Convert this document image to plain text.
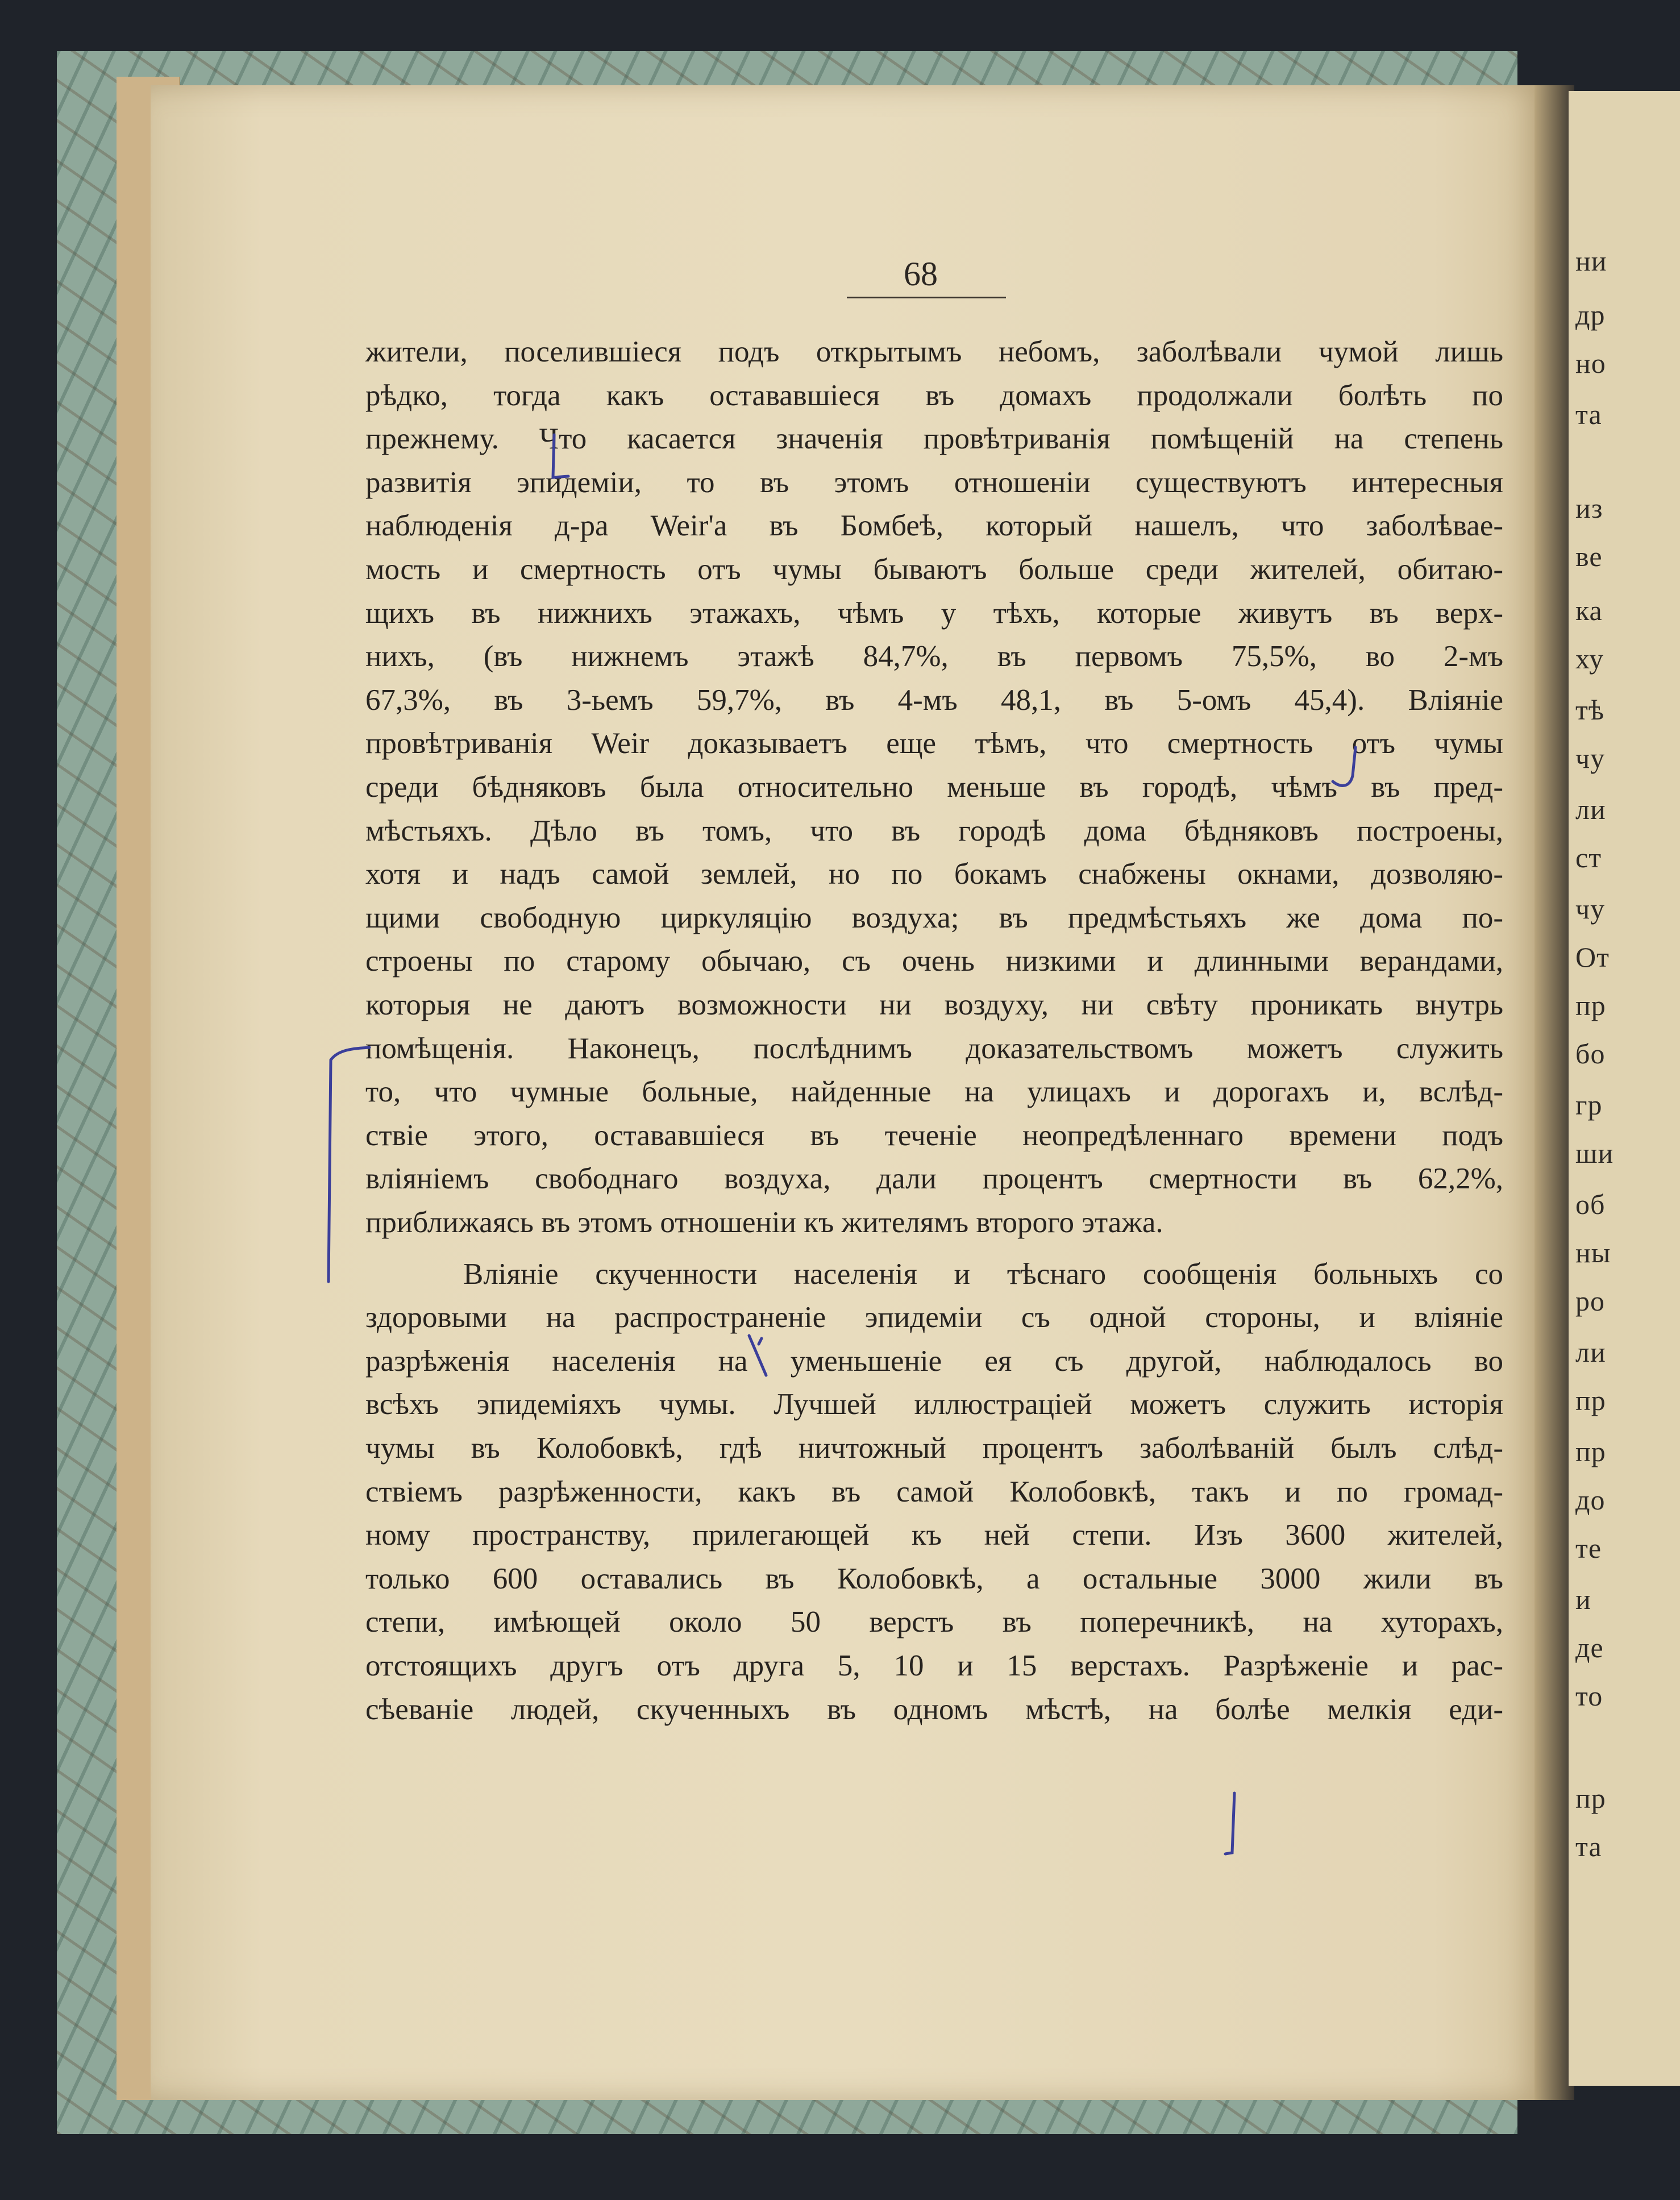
ни
др
но
та
из
ве
ка
ху
тѣ
чу
ли
ст
чу
От
пр
бо
гр
ши
об
ны
ро
ли
пр
пр
до
те
и
де
то
пр
та
68
жители, поселившіеся подъ открытымъ небомъ, заболѣвали чумой лишь
рѣдко, тогда какъ остававшіеся въ домахъ продолжали болѣть по
прежнему. Что касается значенія провѣтриванія помѣщеній на степень
развитія эпидеміи, то въ этомъ отношеніи существуютъ интересныя
наблюденія д-ра Weir'а въ Бомбеѣ, который нашелъ, что заболѣвае-
мость и смертность отъ чумы бываютъ больше среди жителей, обитаю-
щихъ въ нижнихъ этажахъ, чѣмъ у тѣхъ, которые живутъ въ верх-
нихъ, (въ нижнемъ этажѣ 84,7%, въ первомъ 75,5%, во 2-мъ
67,3%, въ 3-ьемъ 59,7%, въ 4-мъ 48,1, въ 5-омъ 45,4). Вліяніе
провѣтриванія Weir доказываетъ еще тѣмъ, что смертность отъ чумы
среди бѣдняковъ была относительно меньше въ городѣ, чѣмъ въ пред-
мѣстьяхъ. Дѣло въ томъ, что въ городѣ дома бѣдняковъ построены,
хотя и надъ самой землей, но по бокамъ снабжены окнами, дозволяю-
щими свободную циркуляцію воздуха; въ предмѣстьяхъ же дома по-
строены по старому обычаю, съ очень низкими и длинными верандами,
которыя не даютъ возможности ни воздуху, ни свѣту проникать внутрь
помѣщенія. Наконецъ, послѣднимъ доказательствомъ можетъ служить
то, что чумные больные, найденные на улицахъ и дорогахъ и, вслѣд-
ствіе этого, остававшіеся въ теченіе неопредѣленнаго времени подъ
вліяніемъ свободнаго воздуха, дали процентъ смертности въ 62,2%,
приближаясь въ этомъ отношеніи къ жителямъ второго этажа.
Вліяніе скученности населенія и тѣснаго сообщенія больныхъ со
здоровыми на распространеніе эпидеміи съ одной стороны, и вліяніе
разрѣженія населенія на уменьшеніе ея съ другой, наблюдалось во
всѣхъ эпидеміяхъ чумы. Лучшей иллюстраціей можетъ служить исторія
чумы въ Колобовкѣ, гдѣ ничтожный процентъ заболѣваній былъ слѣд-
ствіемъ разрѣженности, какъ въ самой Колобовкѣ, такъ и по громад-
ному пространству, прилегающей къ ней степи. Изъ 3600 жителей,
только 600 оставались въ Колобовкѣ, а остальные 3000 жили въ
степи, имѣющей около 50 верстъ въ поперечникѣ, на хуторахъ,
отстоящихъ другъ отъ друга 5, 10 и 15 верстахъ. Разрѣженіе и рас-
сѣеваніе людей, скученныхъ въ одномъ мѣстѣ, на болѣе мелкія еди-
